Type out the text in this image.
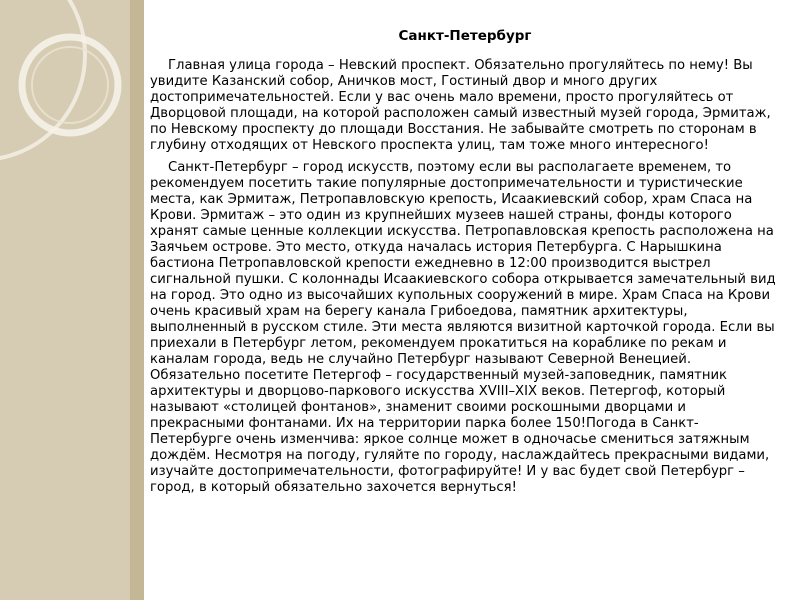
Санкт-Петербург

Главная улица города – Невский проспект. Обязательно прогуляйтесь по нему! Вы увидите Казанский собор, Аничков мост, Гостиный двор и много других достопримечательностей. Если у вас очень мало времени, просто прогуляйтесь от Дворцовой площади, на которой расположен самый известный музей города, Эрмитаж, по Невскому проспекту до площади Восстания. Не забывайте смотреть по сторонам в глубину отходящих от Невского проспекта улиц, там тоже много интересного!

Санкт-Петербург – город искусств, поэтому если вы располагаете временем, то рекомендуем посетить такие популярные достопримечательности и туристические места, как Эрмитаж, Петропавловскую крепость, Исаакиевский собор, храм Спаса на Крови. Эрмитаж – это один из крупнейших музеев нашей страны, фонды которого хранят самые ценные коллекции искусства. Петропавловская крепость расположена на Заячьем острове. Это место, откуда началась история Петербурга. С Нарышкина бастиона Петропавловской крепости ежедневно в 12:00 производится выстрел сигнальной пушки. С колоннады Исаакиевского собора открывается замечательный вид на город. Это одно из высочайших купольных сооружений в мире. Храм Спаса на Крови очень красивый храм на берегу канала Грибоедова, памятник архитектуры, выполненный в русском стиле. Эти места являются визитной карточкой города. Если вы приехали в Петербург летом, рекомендуем прокатиться на кораблике по рекам и каналам города, ведь не случайно Петербург называют Северной Венецией. Обязательно посетите Петергоф – государственный музей-заповедник, памятник архитектуры и дворцово-паркового искусства XVIII–XIX веков. Петергоф, который называют «столицей фонтанов», знаменит своими роскошными дворцами и прекрасными фонтанами. Их на территории парка более 150!Погода в Санкт-Петербурге очень изменчива: яркое солнце может в одночасье смениться затяжным дождём. Несмотря на погоду, гуляйте по городу, наслаждайтесь прекрасными видами, изучайте достопримечательности, фотографируйте! И у вас будет свой Петербург – город, в который обязательно захочется вернуться!
